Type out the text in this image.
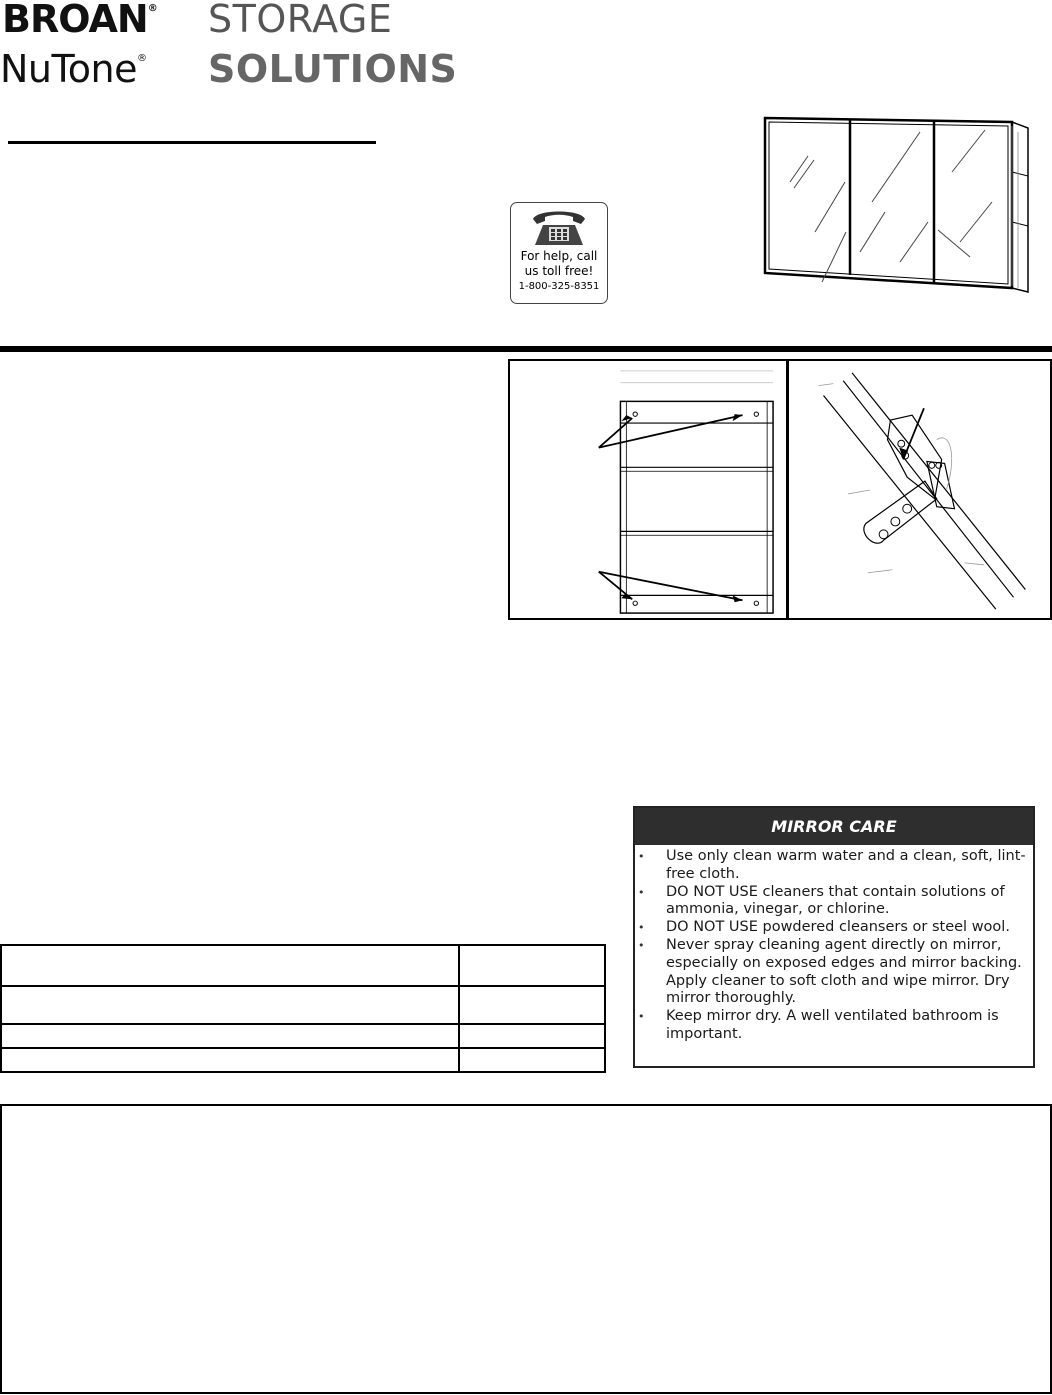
BROAN®
NuTone®
STORAGE
SOLUTIONS
For help, call
us toll free!
1-800-325-8351
MIRROR CARE
• Use only clean warm water and a clean, soft, lint-free cloth.
• DO NOT USE cleaners that contain solutions of ammonia, vinegar, or chlorine.
• DO NOT USE powdered cleansers or steel wool.
• Never spray cleaning agent directly on mirror, especially on exposed edges and mirror backing. Apply cleaner to soft cloth and wipe mirror. Dry mirror thoroughly.
• Keep mirror dry. A well ventilated bathroom is important.
